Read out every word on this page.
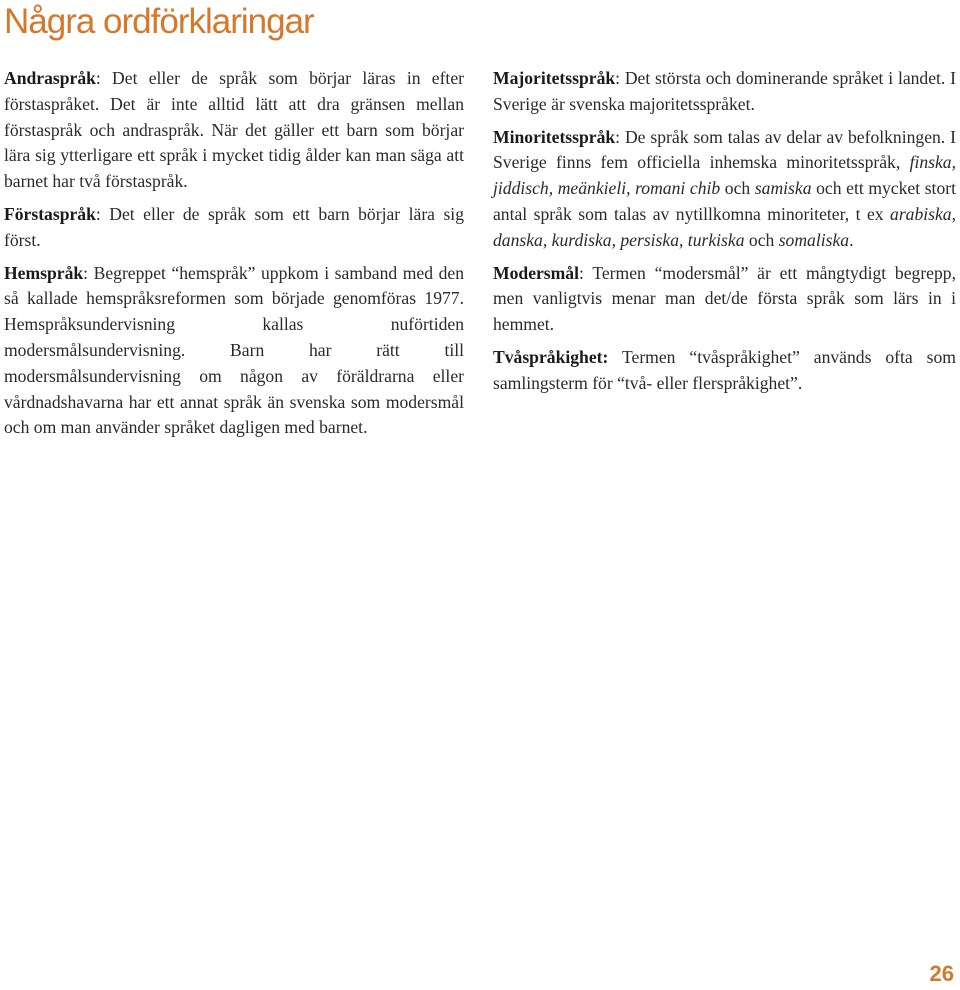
Några ordförklaringar

Andraspråk: Det eller de språk som börjar läras in efter förstaspråket. Det är inte alltid lätt att dra gränsen mellan förstaspråk och andraspråk. När det gäller ett barn som börjar lära sig ytterligare ett språk i mycket tidig ålder kan man säga att barnet har två förstaspråk.

Förstaspråk: Det eller de språk som ett barn börjar lära sig först.

Hemspråk: Begreppet “hemspråk” uppkom i samband med den så kallade hemspråksreformen som började genomföras 1977. Hemspråksundervisning kallas nuförtiden modersmålsundervisning. Barn har rätt till modersmålsundervisning om någon av föräldrarna eller vårdnadshavarna har ett annat språk än svenska som modersmål och om man använder språket dagligen med barnet.

Majoritetsspråk: Det största och dominerande språket i landet. I Sverige är svenska majoritetsspråket.

Minoritetsspråk: De språk som talas av delar av befolkningen. I Sverige finns fem officiella inhemska minoritetsspråk, finska, jiddisch, meänkieli, romani chib och samiska och ett mycket stort antal språk som talas av nytillkomna minoriteter, t ex arabiska, danska, kurdiska, persiska, turkiska och somaliska.

Modersmål: Termen “modersmål” är ett mångtydigt begrepp, men vanligtvis menar man det/de första språk som lärs in i hemmet.

Tvåspråkighet: Termen “tvåspråkighet” används ofta som samlingsterm för “två- eller flerspråkighet”.

26
